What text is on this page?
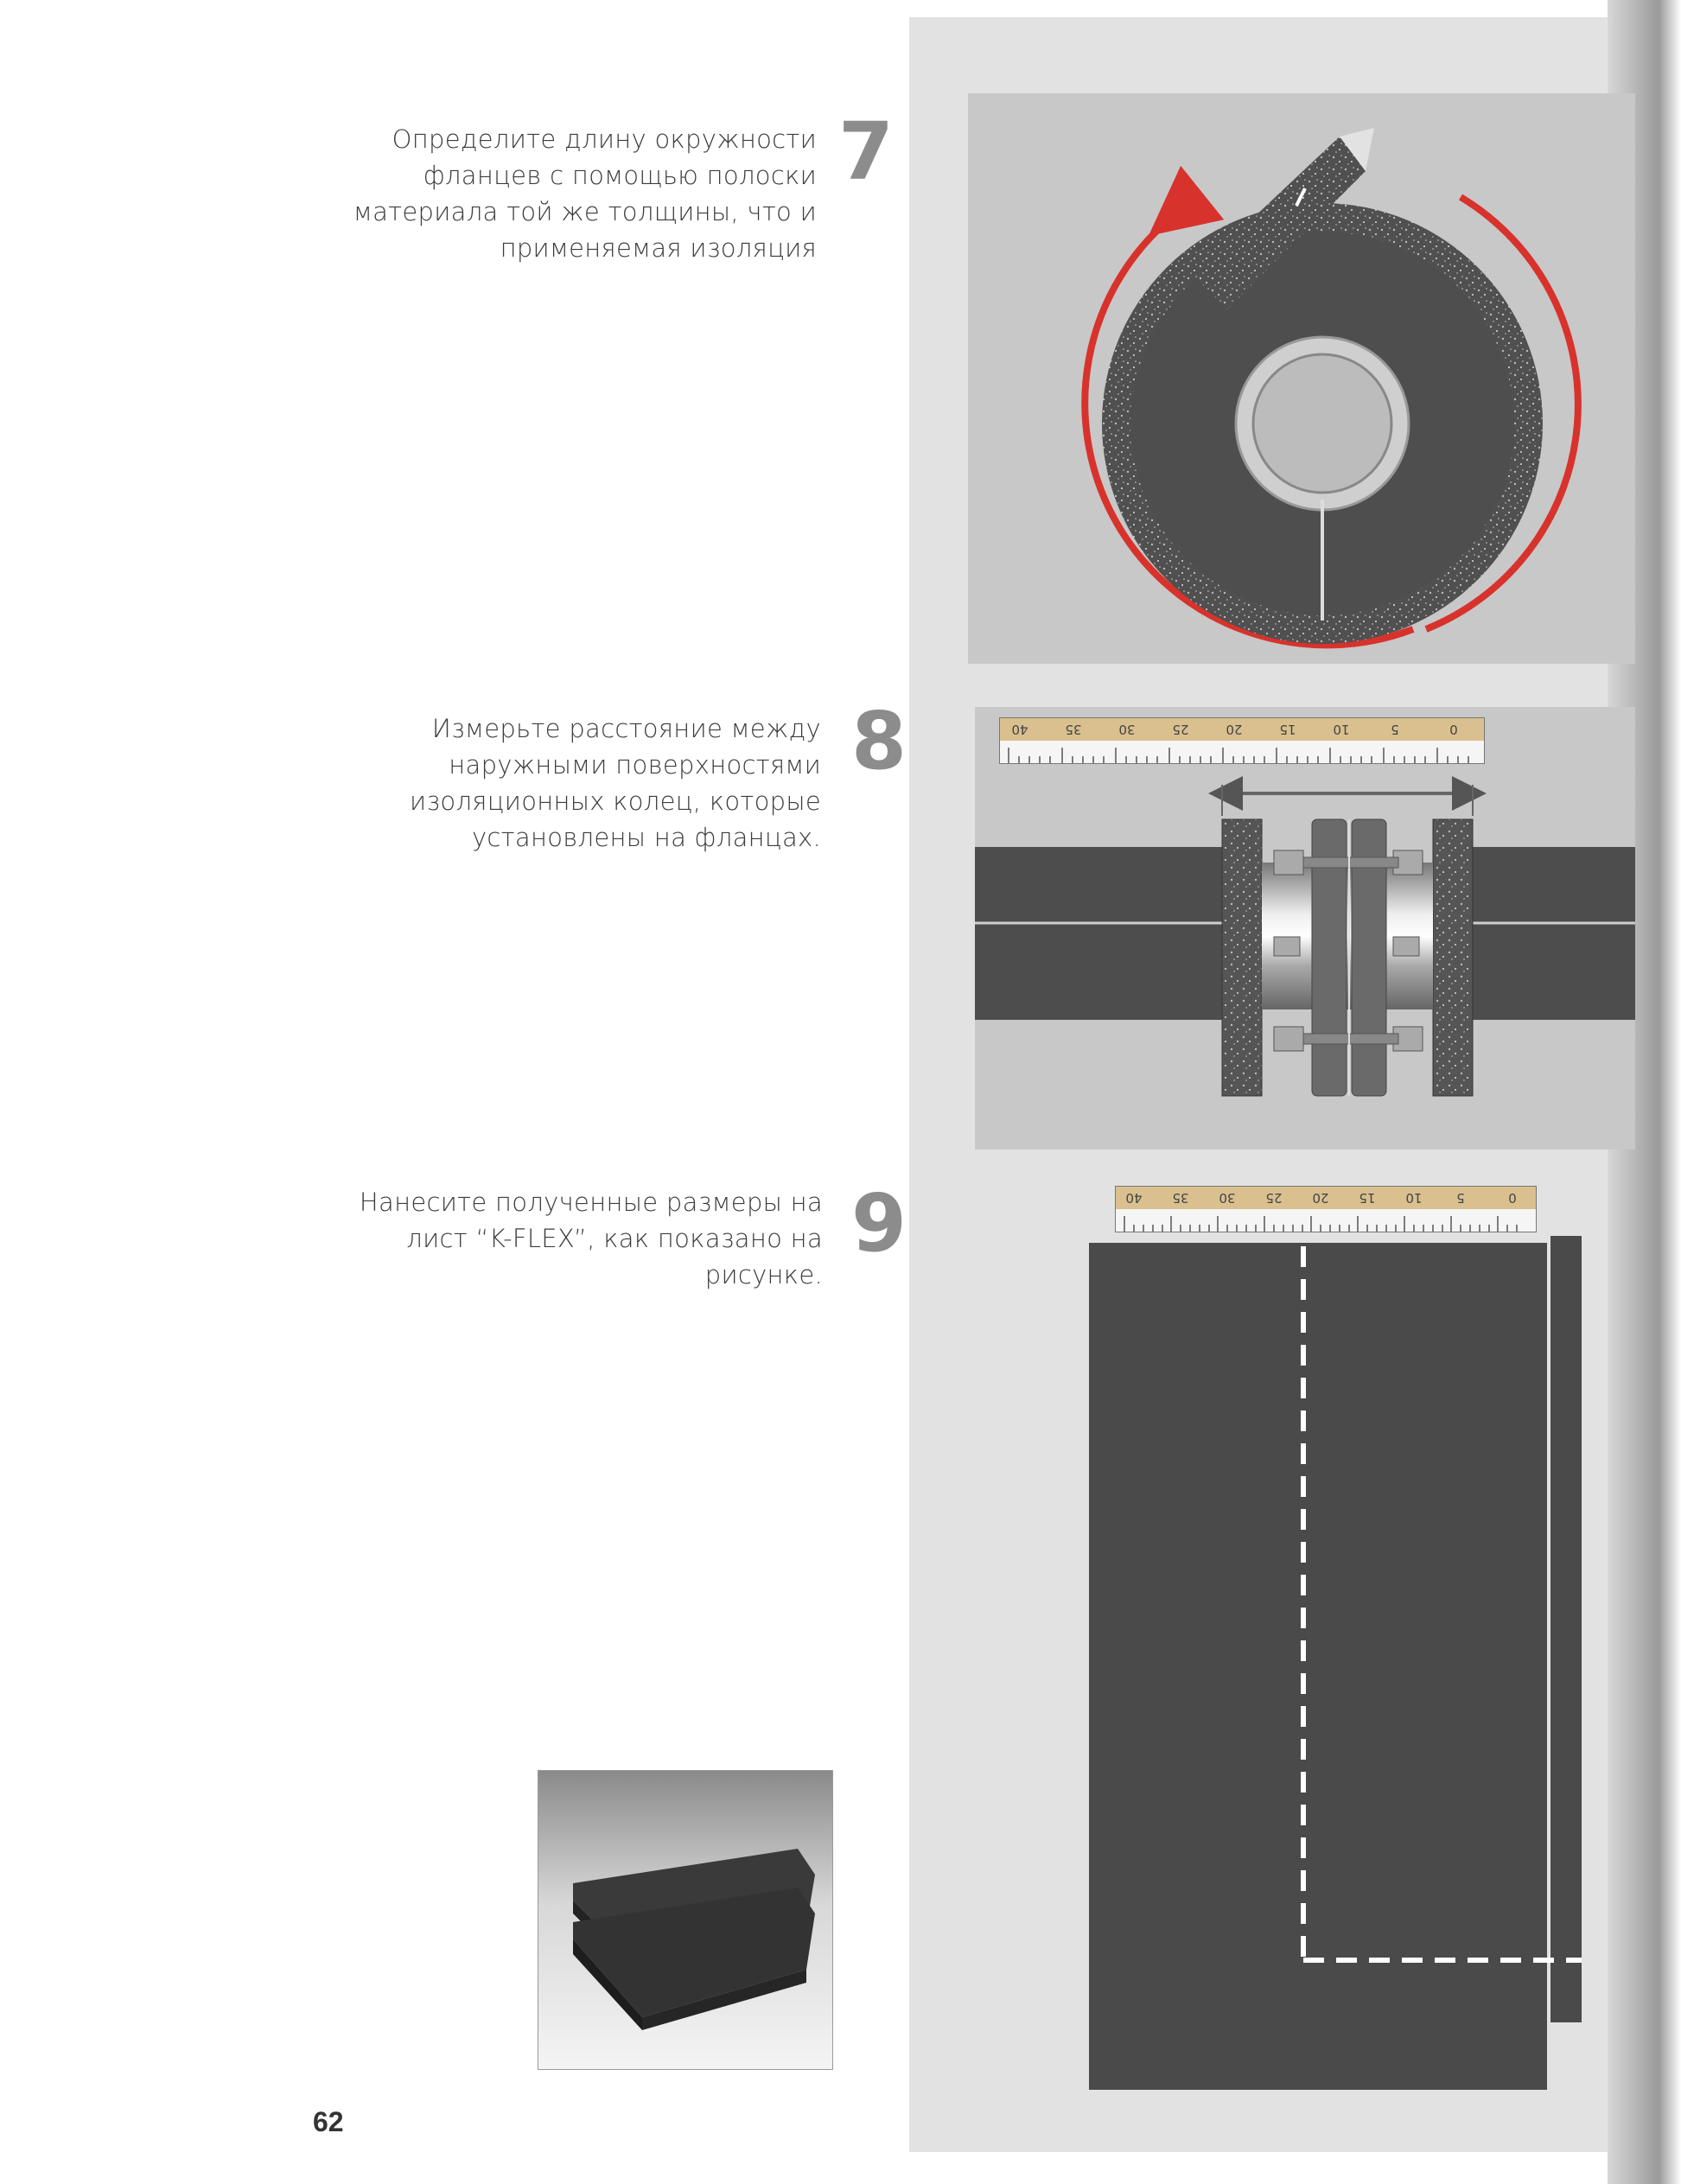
Определите длину окружности
фланцев с помощью полоски
материала той же толщины, что и
применяемая изоляция
7
Измерьте расстояние между
наружными поверхностями
изоляционных колец, которые
установлены на фланцах.
8	40	35	30	25	20	15	10	5	0
Нанесите полученные размеры на
лист “K-FLEX”, как показано на
рисунке.
9	40	35	30	25	20	15	10	5	0
62
